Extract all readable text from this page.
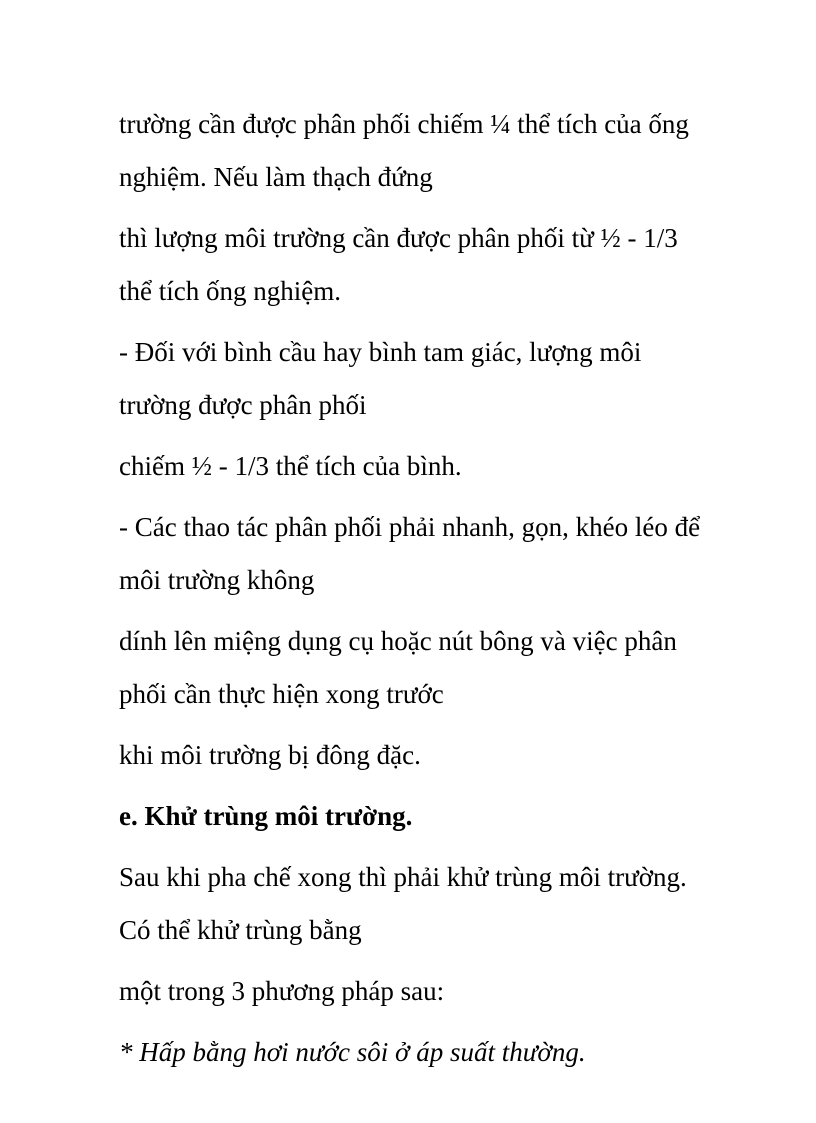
trường cần được phân phối chiếm ¼ thể tích của ống
nghiệm. Nếu làm thạch đứng

thì lượng môi trường cần được phân phối từ ½ - 1/3
thể tích ống nghiệm.

- Đối với bình cầu hay bình tam giác, lượng môi
trường được phân phối

chiếm ½ - 1/3 thể tích của bình.

- Các thao tác phân phối phải nhanh, gọn, khéo léo để
môi trường không

dính lên miệng dụng cụ hoặc nút bông và việc phân
phối cần thực hiện xong trước

khi môi trường bị đông đặc.

e. Khử trùng môi trường.

Sau khi pha chế xong thì phải khử trùng môi trường.
Có thể khử trùng bằng

một trong 3 phương pháp sau:

* Hấp bằng hơi nước sôi ở áp suất thường.
